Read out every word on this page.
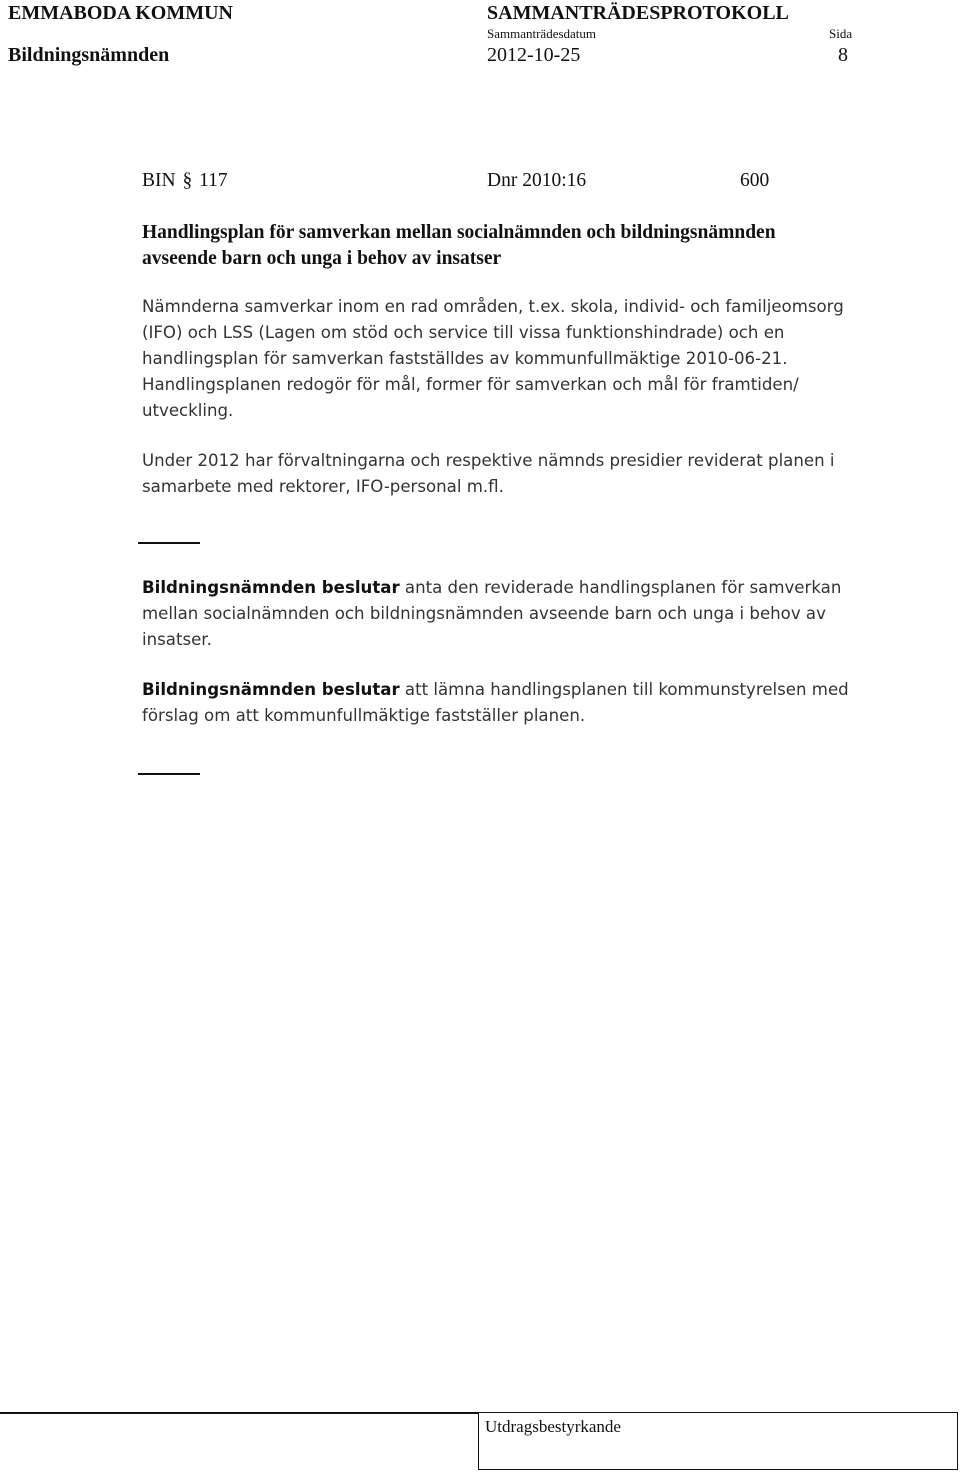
EMMABODA KOMMUN	SAMMANTRÄDESPROTOKOLL
Sammanträdesdatum	Sida
Bildningsnämnden	2012-10-25	8
BIN § 117	Dnr 2010:16	600
Handlingsplan för samverkan mellan socialnämnden och bildningsnämnden
avseende barn och unga i behov av insatser
Nämnderna samverkar inom en rad områden, t.ex. skola, individ- och familjeomsorg (IFO) och LSS (Lagen om stöd och service till vissa funktionshindrade) och en handlingsplan för samverkan fastställdes av kommunfullmäktige 2010-06-21. Handlingsplanen redogör för mål, former för samverkan och mål för framtiden/ utveckling.
Under 2012 har förvaltningarna och respektive nämnds presidier reviderat planen i samarbete med rektorer, IFO-personal m.fl.
Bildningsnämnden beslutar anta den reviderade handlingsplanen för samverkan mellan socialnämnden och bildningsnämnden avseende barn och unga i behov av insatser.
Bildningsnämnden beslutar att lämna handlingsplanen till kommunstyrelsen med förslag om att kommunfullmäktige fastställer planen.
Utdragsbestyrkande
